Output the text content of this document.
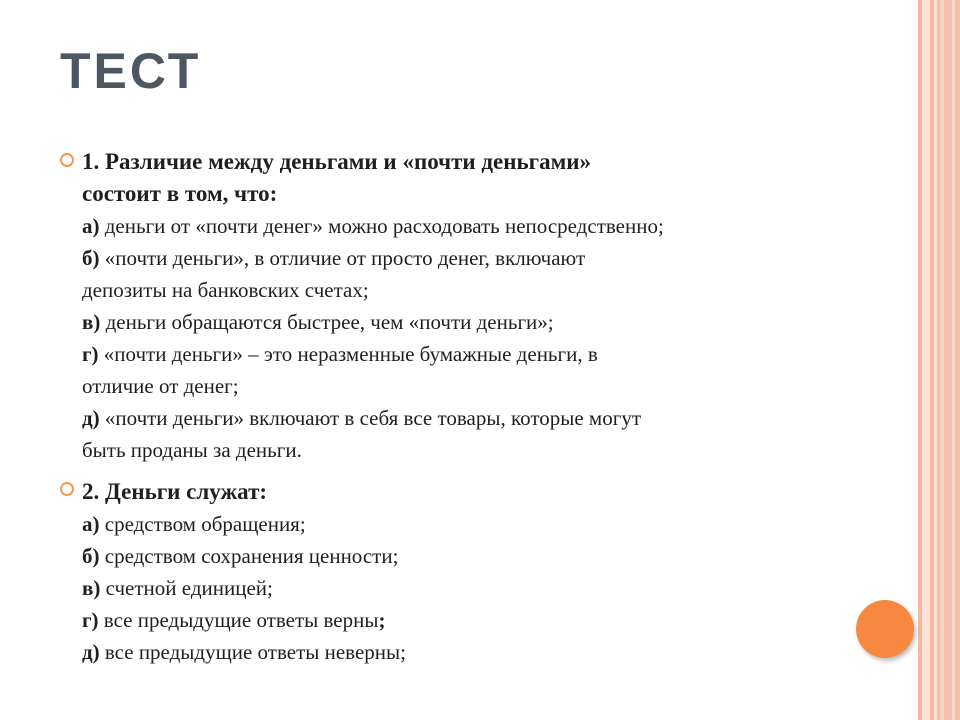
ТЕСТ
1. Различие между деньгами и «почти деньгами»
состоит в том, что:
а) деньги от «почти денег» можно расходовать непосредственно;
б) «почти деньги», в отличие от просто денег, включают
депозиты на банковских счетах;
в) деньги обращаются быстрее, чем «почти деньги»;
г) «почти деньги» – это неразменные бумажные деньги, в
отличие от денег;
д) «почти деньги» включают в себя все товары, которые могут
быть проданы за деньги.
2. Деньги служат:
а) средством обращения;
б) средством сохранения ценности;
в) счетной единицей;
г) все предыдущие ответы верны;
д) все предыдущие ответы неверны;
